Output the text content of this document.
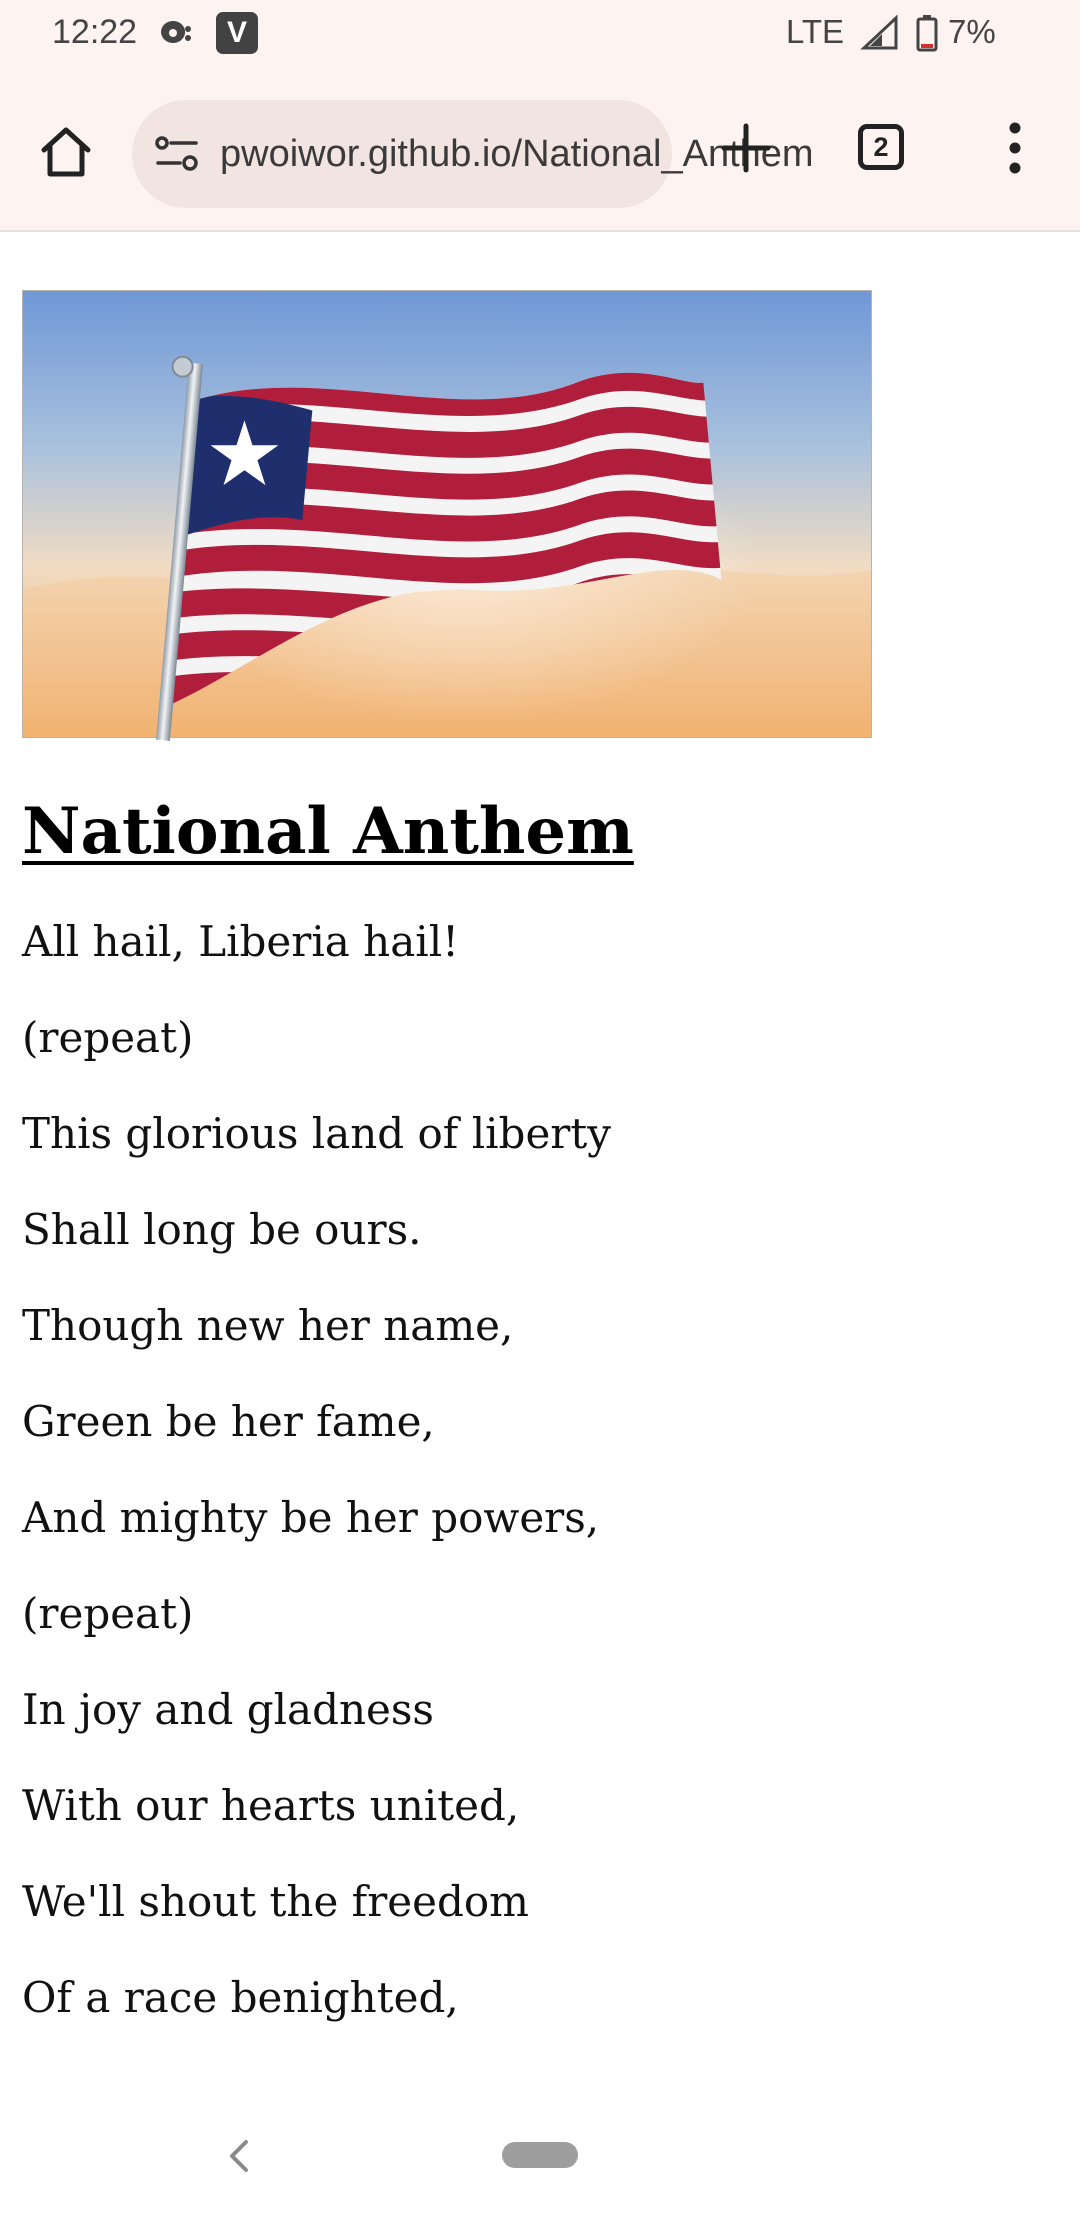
12:22	V	LTE	7%
pwoiwor.github.io/National_Anthem	2
National Anthem
All hail, Liberia hail!
(repeat)
This glorious land of liberty
Shall long be ours.
Though new her name,
Green be her fame,
And mighty be her powers,
(repeat)
In joy and gladness
With our hearts united,
We'll shout the freedom
Of a race benighted,
